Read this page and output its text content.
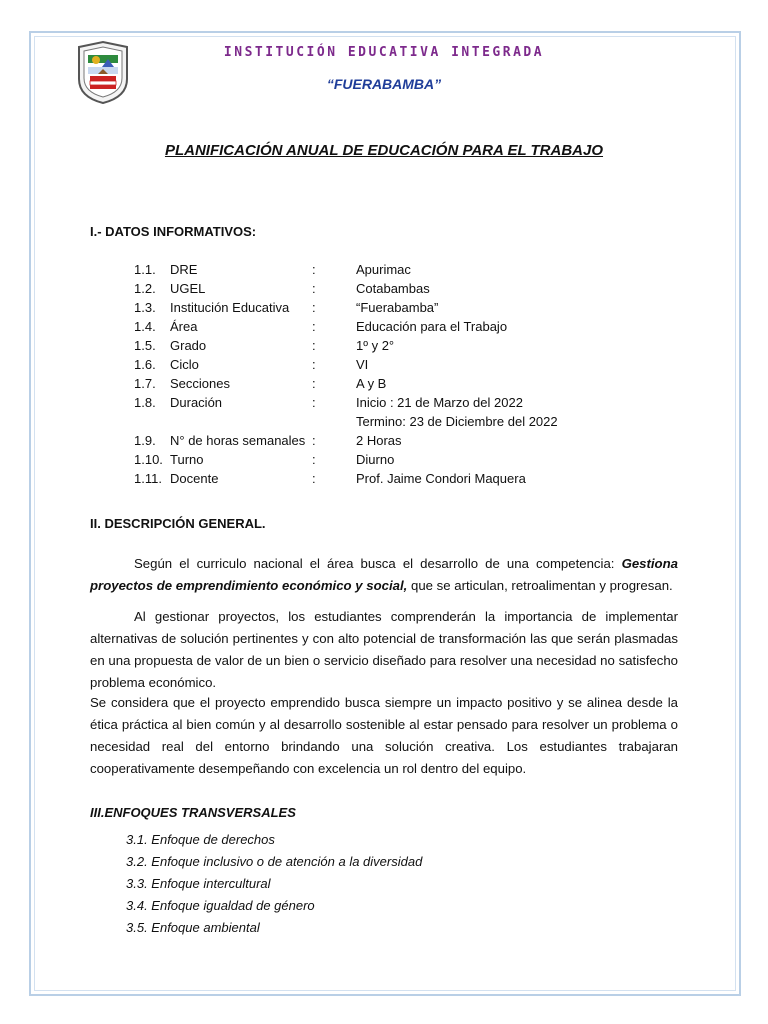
INSTITUCIÓN EDUCATIVA INTEGRADA
“FUERABAMBA”
PLANIFICACIÓN ANUAL DE EDUCACIÓN PARA EL TRABAJO
I.- DATOS INFORMATIVOS:
1.1. DRE	:	Apurimac
1.2. UGEL	:	Cotabambas
1.3. Institución Educativa :	“Fuerabamba”
1.4. Área	:	Educación para el Trabajo
1.5. Grado	:	1º y 2°
1.6. Ciclo	:	VI
1.7. Secciones	:	A y B
1.8. Duración	:	Inicio : 21 de Marzo del 2022
Termino: 23 de Diciembre del 2022
1.9. N° de horas semanales :	2 Horas
1.10. Turno	:	Diurno
1.11. Docente	:	Prof. Jaime Condori Maquera
II. DESCRIPCIÓN GENERAL.
Según el curriculo nacional el área busca el desarrollo de una competencia: Gestiona proyectos de emprendimiento económico y social, que se articulan, retroalimentan y progresan.
Al gestionar proyectos, los estudiantes comprenderán la importancia de implementar alternativas de solución pertinentes y con alto potencial de transformación las que serán plasmadas en una propuesta de valor de un bien o servicio diseñado para resolver una necesidad no satisfecho problema económico.
Se considera que el proyecto emprendido busca siempre un impacto positivo y se alinea desde la ética práctica al bien común y al desarrollo sostenible al estar pensado para resolver un problema o necesidad real del entorno brindando una solución creativa. Los estudiantes trabajaran cooperativamente desempeñando con excelencia un rol dentro del equipo.
III.ENFOQUES TRANSVERSALES
3.1. Enfoque de derechos
3.2. Enfoque inclusivo o de atención a la diversidad
3.3. Enfoque intercultural
3.4. Enfoque igualdad de género
3.5. Enfoque ambiental
